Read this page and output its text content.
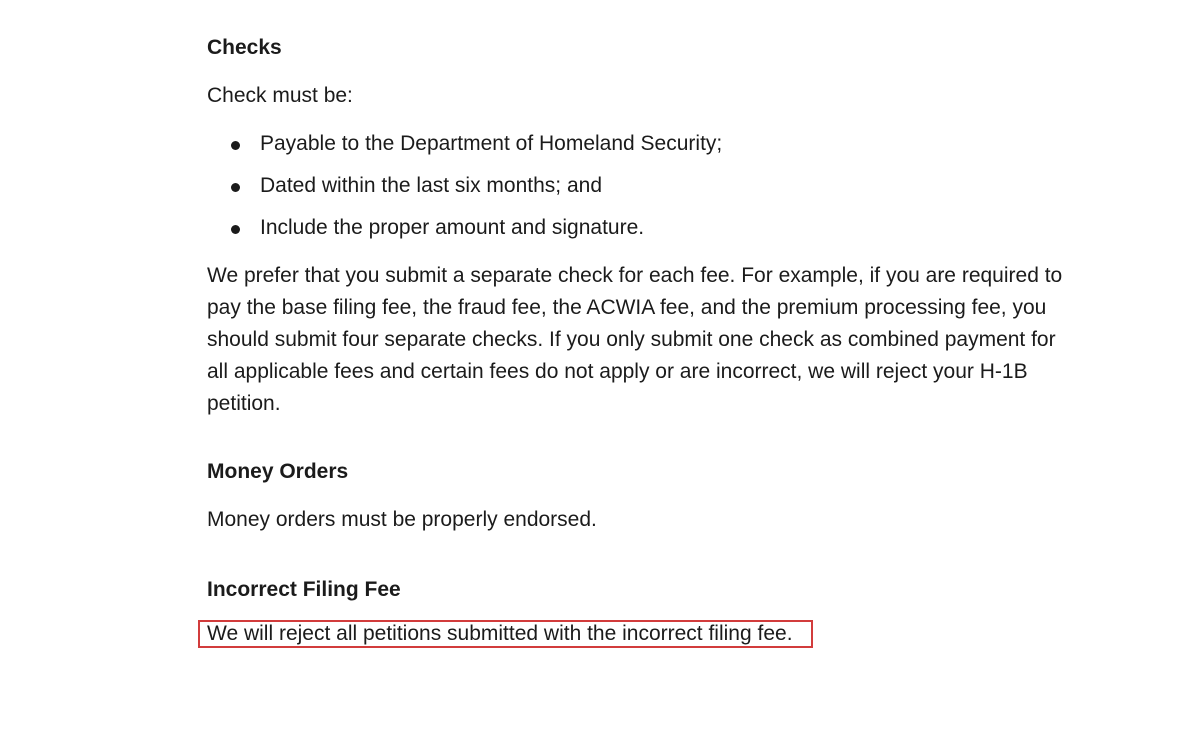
Checks

Check must be:

Payable to the Department of Homeland Security;
Dated within the last six months; and
Include the proper amount and signature.

We prefer that you submit a separate check for each fee. For example, if you are required to pay the base filing fee, the fraud fee, the ACWIA fee, and the premium processing fee, you should submit four separate checks. If you only submit one check as combined payment for all applicable fees and certain fees do not apply or are incorrect, we will reject your H-1B petition.

Money Orders

Money orders must be properly endorsed.

Incorrect Filing Fee
We will reject all petitions submitted with the incorrect filing fee.
